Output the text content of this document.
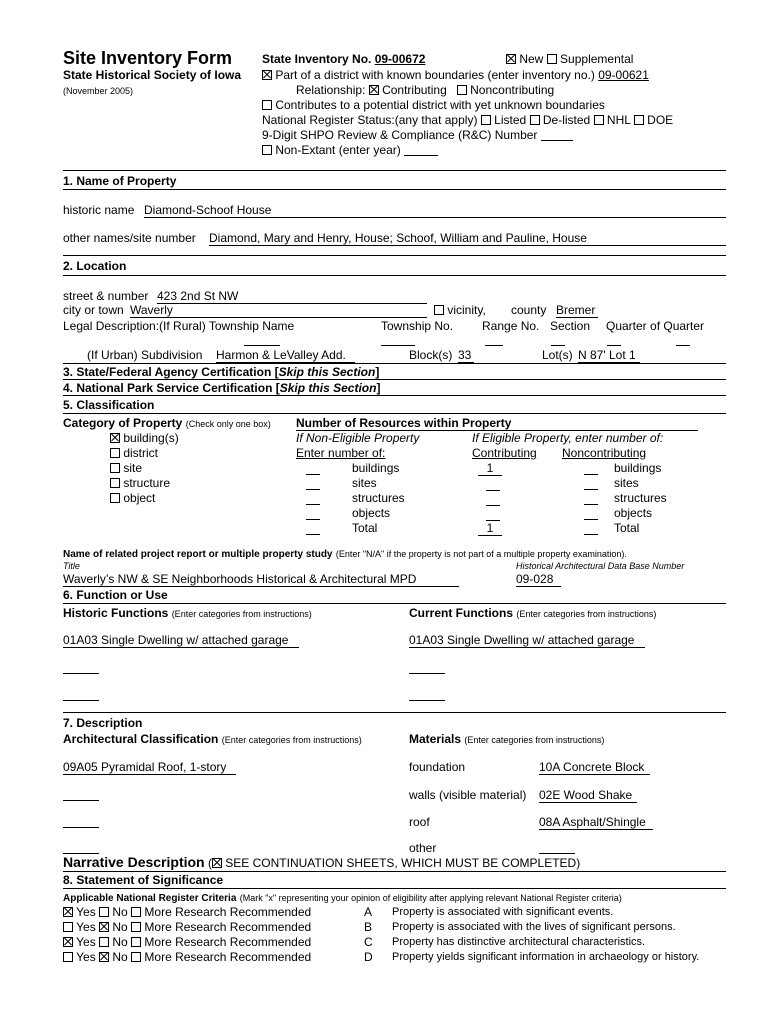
Site Inventory Form
State Historical Society of Iowa
(November 2005)
State Inventory No. 09-00672	New Supplemental
Part of a district with known boundaries (enter inventory no.) 09-00621
Relationship: Contributing Noncontributing
Contributes to a potential district with yet unknown boundaries
National Register Status:(any that apply) Listed De-listed NHL DOE
9-Digit SHPO Review & Compliance (R&C) Number
Non-Extant (enter year)
1. Name of Property
historic name Diamond-Schoof House
other names/site number Diamond, Mary and Henry, House; Schoof, William and Pauline, House
2. Location
street & number 423 2nd St NW
city or town Waverly	vicinity, county Bremer
Legal Description:(If Rural) Township Name	Township No. Range No. Section Quarter of Quarter
(If Urban) Subdivision Harmon & LeValley Add.	Block(s) 33	Lot(s) N 87' Lot 1
3. State/Federal Agency Certification [Skip this Section]
4. National Park Service Certification [Skip this Section]
5. Classification
Category of Property (Check only one box)
building(s)
district
site
structure
object
Number of Resources within Property
If Non-Eligible Property	If Eligible Property, enter number of:
Enter number of:	Contributing Noncontributing
buildings	1	buildings
sites	sites
structures	structures
objects	objects
Total	1	Total
Name of related project report or multiple property study (Enter "N/A" if the property is not part of a multiple property examination).
Title	Historical Architectural Data Base Number
Waverly’s NW & SE Neighborhoods Historical & Architectural MPD	09-028
6. Function or Use
Historic Functions (Enter categories from instructions)	Current Functions (Enter categories from instructions)
01A03 Single Dwelling w/ attached garage	01A03 Single Dwelling w/ attached garage
7. Description
Architectural Classification (Enter categories from instructions)	Materials (Enter categories from instructions)
09A05 Pyramidal Roof, 1-story	foundation	10A Concrete Block
walls (visible material) 02E Wood Shake
roof	08A Asphalt/Shingle
other
Narrative Description ( SEE CONTINUATION SHEETS, WHICH MUST BE COMPLETED)
8. Statement of Significance
Applicable National Register Criteria (Mark "x" representing your opinion of eligibility after applying relevant National Register criteria)
Yes No More Research Recommended	A Property is associated with significant events.
Yes No More Research Recommended	B Property is associated with the lives of significant persons.
Yes No More Research Recommended	C Property has distinctive architectural characteristics.
Yes No More Research Recommended	D Property yields significant information in archaeology or history.
